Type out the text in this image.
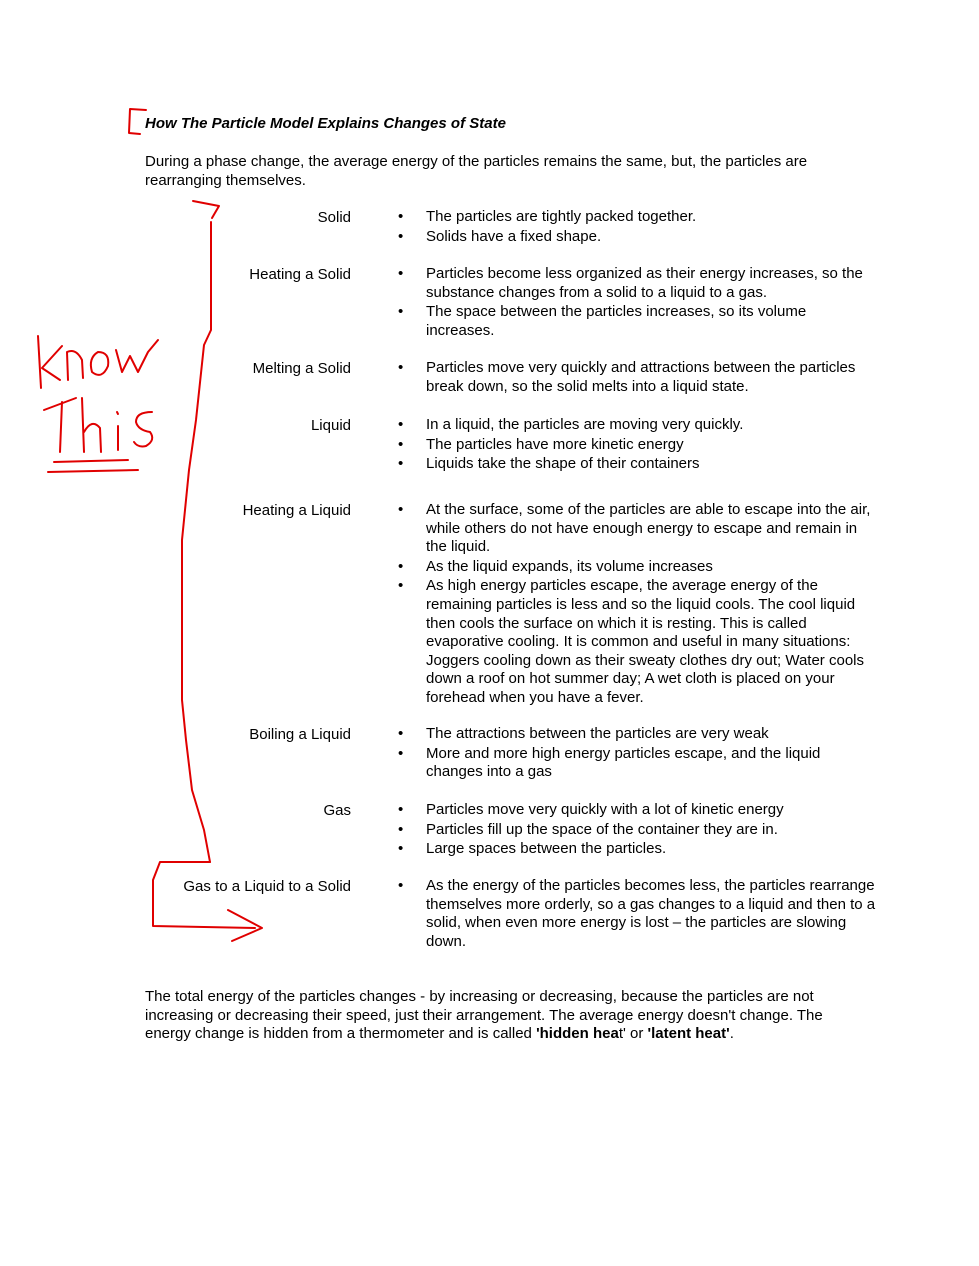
How The Particle Model Explains Changes of State
During a phase change, the average energy of the particles remains the same, but, the particles are rearranging themselves.
Solid	• The particles are tightly packed together.
• Solids have a fixed shape.
Heating a Solid	• Particles become less organized as their energy increases, so the substance changes from a solid to a liquid to a gas.
• The space between the particles increases, so its volume increases.
Melting a Solid	• Particles move very quickly and attractions between the particles break down, so the solid melts into a liquid state.
Liquid	• In a liquid, the particles are moving very quickly.
• The particles have more kinetic energy
• Liquids take the shape of their containers
Heating a Liquid	• At the surface, some of the particles are able to escape into the air, while others do not have enough energy to escape and remain in the liquid.
• As the liquid expands, its volume increases
• As high energy particles escape, the average energy of the remaining particles is less and so the liquid cools. The cool liquid then cools the surface on which it is resting. This is called evaporative cooling. It is common and useful in many situations: Joggers cooling down as their sweaty clothes dry out; Water cools down a roof on hot summer day; A wet cloth is placed on your forehead when you have a fever.
Boiling a Liquid	• The attractions between the particles are very weak
• More and more high energy particles escape, and the liquid changes into a gas
Gas	• Particles move very quickly with a lot of kinetic energy
• Particles fill up the space of the container they are in.
• Large spaces between the particles.
Gas to a Liquid to a Solid	• As the energy of the particles becomes less, the particles rearrange themselves more orderly, so a gas changes to a liquid and then to a solid, when even more energy is lost – the particles are slowing down.
The total energy of the particles changes - by increasing or decreasing, because the particles are not increasing or decreasing their speed, just their arrangement. The average energy doesn't change. The energy change is hidden from a thermometer and is called 'hidden heat' or 'latent heat'.
